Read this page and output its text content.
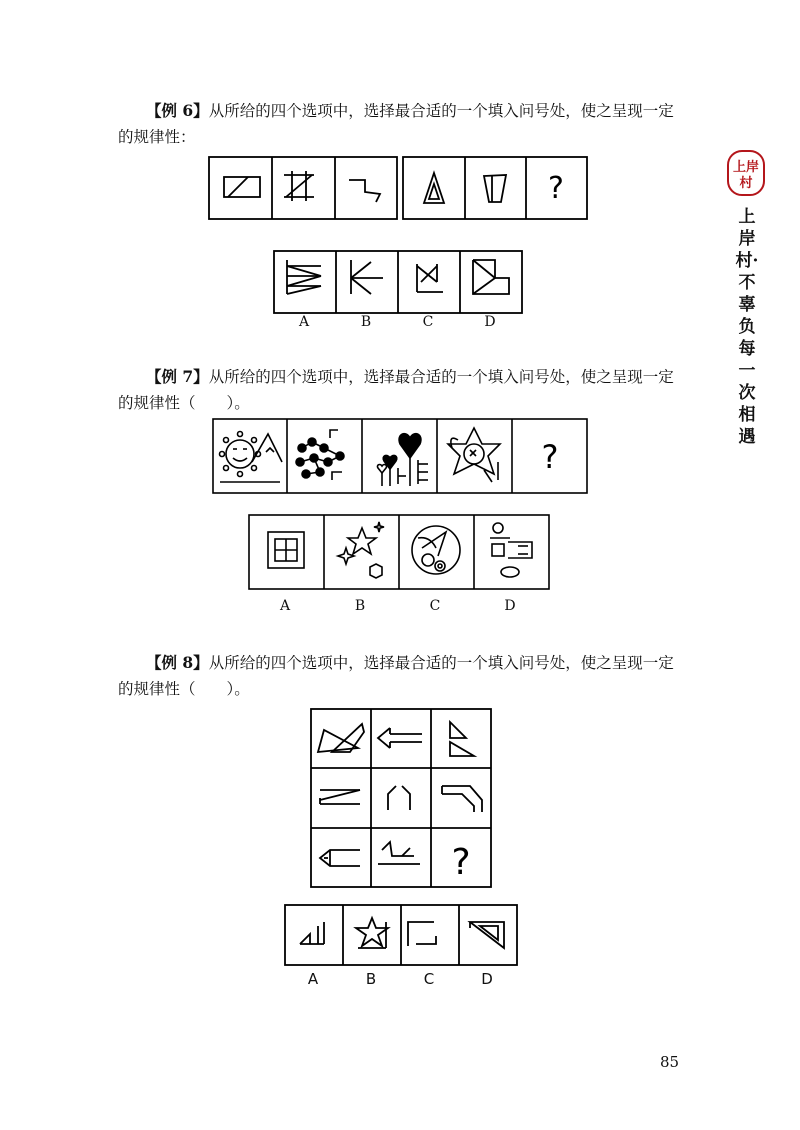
上岸
村
上岸村·不辜负每一次相遇

【例 6】从所给的四个选项中，选择最合适的一个填入问号处，使之呈现一定的规律性：

?
A	B	C	D

【例 7】从所给的四个选项中，选择最合适的一个填入问号处，使之呈现一定的规律性（　　）。

?
A	B	C	D

【例 8】从所给的四个选项中，选择最合适的一个填入问号处，使之呈现一定的规律性（　　）。

?
A	B	C	D
85
